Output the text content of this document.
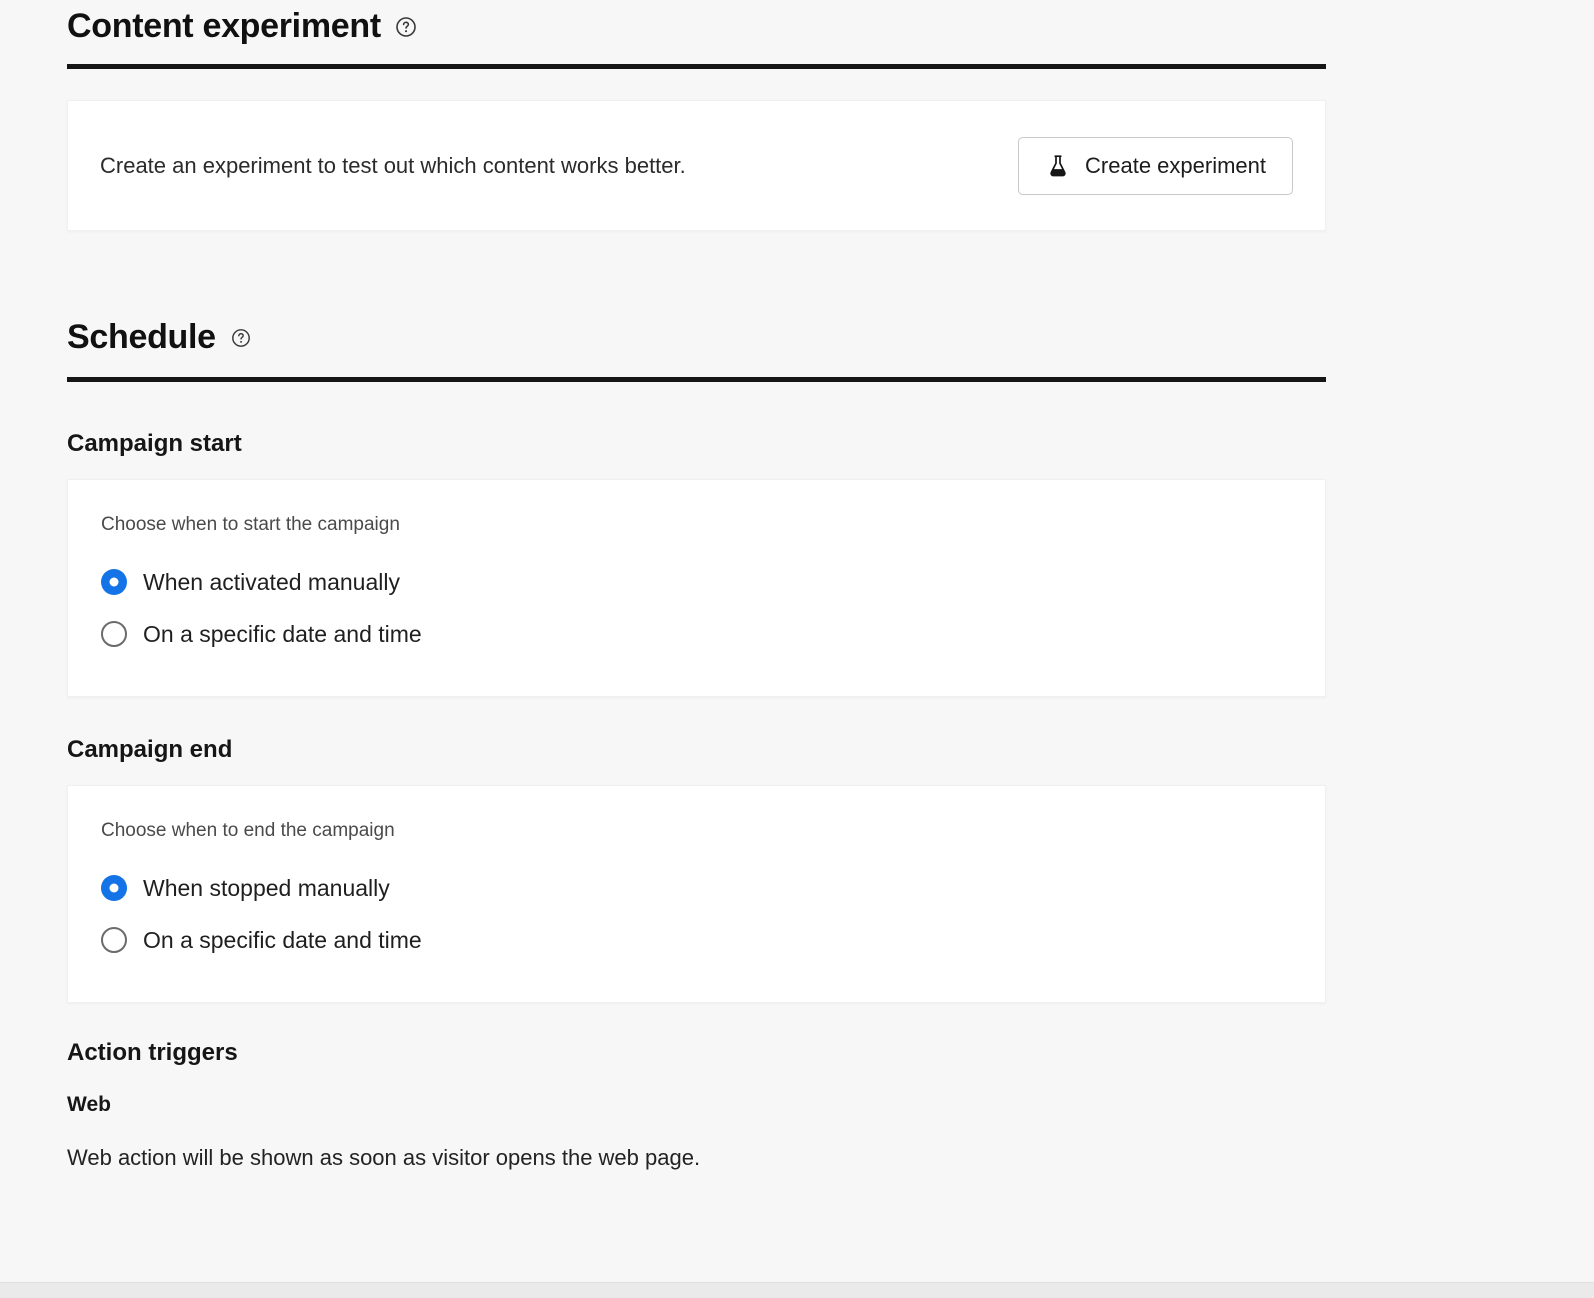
Content experiment
Create an experiment to test out which content works better.	Create experiment
Schedule
Campaign start
Choose when to start the campaign
When activated manually
On a specific date and time
Campaign end
Choose when to end the campaign
When stopped manually
On a specific date and time
Action triggers
Web
Web action will be shown as soon as visitor opens the web page.
